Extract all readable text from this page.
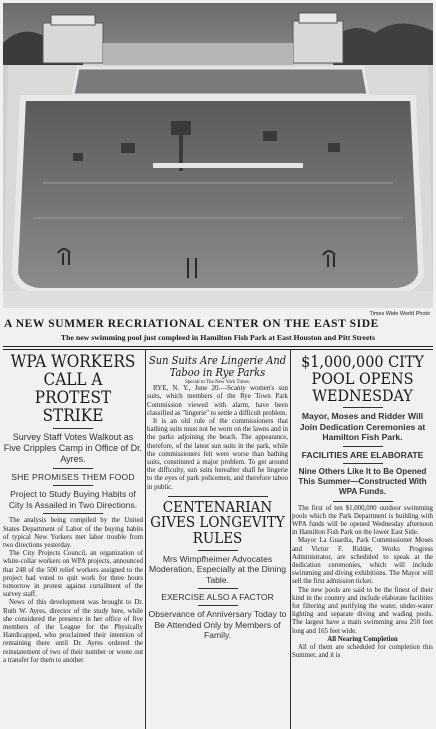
Times Wide World Photo
A NEW SUMMER RECRIATIONAL CENTER ON THE EAST SIDE
The new swimming pool just compleed in Hamilton Fish Park at East Houston and Pitt Streets
WPA WORKERS CALL A PROTEST STRIKE
Survey Staff Votes Walkout as Five Cripples Camp in Office of Dr. Ayres.
SHE PROMISES THEM FOOD
Project to Study Buying Habits of City Is Assailed in Two Directions.

The analysis being compiled by the United States Department of Labor of the buying habits of typical New Yorkers met labor trouble from two directions yesterday.

The City Projects Council, an organization of white-collar workers on WPA projects, announced that 248 of the 500 relief workers assigned to the project had voted to quit work for three hours tomorrow in protest against curtailment of the survey staff.

News of this development was brought to Dr. Ruth W. Ayres, director of the study here, while she considered the presence in her office of five members of the League for the Physically Handicapped, who proclaimed their intention of remaining there until Dr. Ayres ordered the reinstatement of two of their number or wrote out a transfer for them to another

Sun Suits Are Lingerie And Taboo in Rye Parks
Special to The New York Times.

RYE, N. Y., June 20.—Scanty women's sun suits, which members of the Rye Town Park Commission viewed with alarm, have been classified as "lingerie" to settle a difficult problem.

It is an old rule of the commissioners that bathing suits must not be worn on the lawns and in the parks adjoining the beach. The appearance, therefore, of the latest sun suits in the park, while the commissioners felt were worse than bathing suits, constituted a major problem. To get around the difficulty, sun suits hereafter shall be lingerie to the eyes of park policemen, and therefore taboo in public.

CENTENARIAN GIVES LONGEVITY RULES
Mrs Wimpfheimer Advocates Moderation, Especially at the Dining Table.
EXERCISE ALSO A FACTOR
Observance of Anniversary Today to Be Attended Only by Members of Family.
$1,000,000 CITY POOL OPENS WEDNESDAY
Mayor, Moses and Ridder Will Join Dedication Ceremonies at Hamilton Fish Park.
FACILITIES ARE ELABORATE
Nine Others Like It to Be Opened This Summer—Constructed With WPA Funds.

The first of ten $1,000,000 outdoor swimming pools which the Park Department is building with WPA funds will be opened Wednesday afternoon in Hamilton Fish Park on the lower East Side.

Mayor La Guardia, Park Commissioner Moses and Victor F. Ridder, Works Progress Administrator, are scheduled to speak at the dedication ceremonies, which will include swimming and diving exhibitions. The Mayor will sell the first admission ticket.

The new pools are said to be the finest of their kind in the country and include elaborate facilities for filtering and purifying the water, under-water lighting and separate diving and wading pools. The largest have a main swimming area 250 feet long and 165 feet wide.

All Nearing Completion

All of them are scheduled for completion this Summer, and it is
